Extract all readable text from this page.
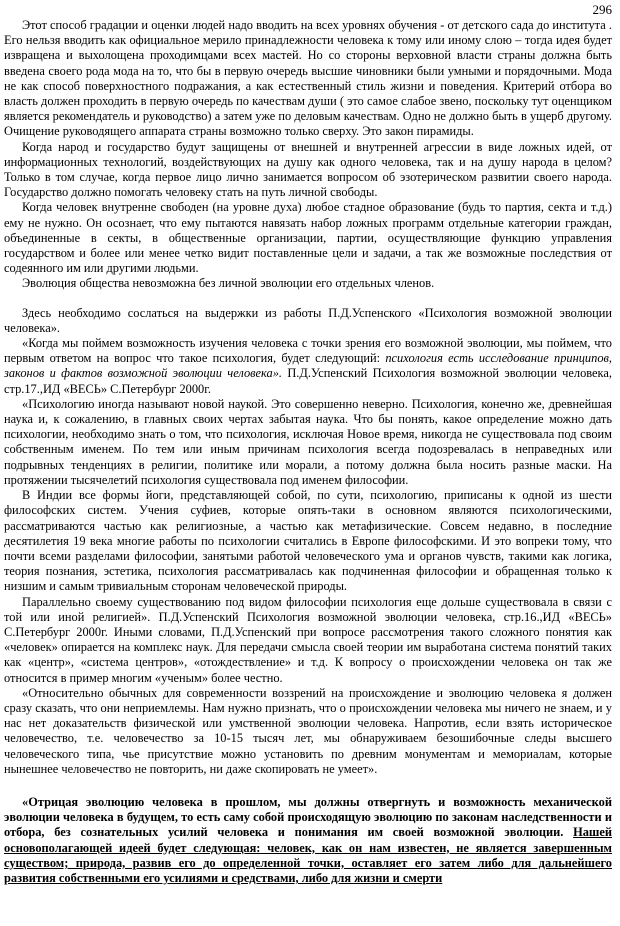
296

Этот способ градации и оценки людей надо вводить на всех уровнях обучения - от детского сада до института . Его нельзя вводить как официальное мерило принадлежности человека к тому или иному слою – тогда идея будет извращена и выхолощена проходимцами всех мастей. Но со стороны верховной власти страны должна быть введена своего рода мода на то, что бы в первую очередь высшие чиновники были умными и порядочными. Мода не как способ поверхностного подражания, а как естественный стиль жизни и поведения. Критерий отбора во власть должен проходить в первую очередь по качествам души ( это самое слабое звено, поскольку тут оценщиком является рекомендатель и руководство) а затем уже по деловым качествам. Одно не должно быть в ущерб другому. Очищение руководящего аппарата страны возможно только сверху. Это закон пирамиды.

Когда народ и государство будут защищены от внешней и внутренней агрессии в виде ложных идей, от информационных технологий, воздействующих на душу как одного человека, так и на душу народа в целом? Только в том случае, когда первое лицо лично занимается вопросом об эзотерическом развитии своего народа. Государство должно помогать человеку стать на путь личной свободы.

Когда человек внутренне свободен (на уровне духа) любое стадное образование (будь то партия, секта и т.д.) ему не нужно. Он осознает, что ему пытаются навязать набор ложных программ отдельные категории граждан, объединенные в секты, в общественные организации, партии, осуществляющие функцию управления государством и более или менее четко видит поставленные цели и задачи, а так же возможные последствия от содеянного им или другими людьми.

Эволюция общества невозможна без личной эволюции его отдельных членов.

Здесь необходимо сослаться на выдержки из работы П.Д.Успенского «Психология возможной эволюции человека».

«Когда мы поймем возможность изучения человека с точки зрения его возможной эволюции, мы поймем, что первым ответом на вопрос что такое психология, будет следующий: психология есть исследование принципов, законов и фактов возможной эволюции человека». П.Д.Успенский Психология возможной эволюции человека, стр.17.,ИД «ВЕСЬ» С.Петербург 2000г.

«Психологию иногда называют новой наукой. Это совершенно неверно. Психология, конечно же, древнейшая наука и, к сожалению, в главных своих чертах забытая наука. Что бы понять, какое определение можно дать психологии, необходимо знать о том, что психология, исключая Новое время, никогда не существовала под своим собственным именем. По тем или иным причинам психология всегда подозревалась в неправедных или подрывных тенденциях в религии, политике или морали, а потому должна была носить разные маски. На протяжении тысячелетий психология существовала под именем философии.

В Индии все формы йоги, представляющей собой, по сути, психологию, приписаны к одной из шести философских систем. Учения суфиев, которые опять-таки в основном являются психологическими, рассматриваются частью как религиозные, а частью как метафизические. Совсем недавно, в последние десятилетия 19 века многие работы по психологии считались в Европе философскими. И это вопреки тому, что почти всеми разделами философии, занятыми работой человеческого ума и органов чувств, такими как логика, теория познания, эстетика, психология рассматривалась как подчиненная философии и обращенная только к низшим и самым тривиальным сторонам человеческой природы.

Параллельно своему существованию под видом философии психология еще дольше существовала в связи с той или иной религией». П.Д.Успенский Психология возможной эволюции человека, стр.16.,ИД «ВЕСЬ» С.Петербург 2000г. Иными словами, П.Д.Успенский при вопросе рассмотрения такого сложного понятия как «человек» опирается на комплекс наук. Для передачи смысла своей теории им выработана система понятий таких как «центр», «система центров», «отождествление» и т.д. К вопросу о происхождении человека он так же относится в пример многим «ученым» более честно.

«Относительно обычных для современности воззрений на происхождение и эволюцию человека я должен сразу сказать, что они неприемлемы. Нам нужно признать, что о происхождении человека мы ничего не знаем, и у нас нет доказательств физической или умственной эволюции человека. Напротив, если взять историческое человечество, т.е. человечество за 10-15 тысяч лет, мы обнаруживаем безошибочные следы высшего человеческого типа, чье присутствие можно установить по древним монументам и мемориалам, которые нынешнее человечество не повторить, ни даже скопировать не умеет».

«Отрицая эволюцию человека в прошлом, мы должны отвергнуть и возможность механической эволюции человека в будущем, то есть саму собой происходящую эволюцию по законам наследственности и отбора, без сознательных усилий человека и понимания им своей возможной эволюции. Нашей основополагающей идеей будет следующая: человек, как он нам известен, не является завершенным существом; природа, развив его до определенной точки, оставляет его затем либо для дальнейшего развития собственными его усилиями и средствами, либо для жизни и смерти
